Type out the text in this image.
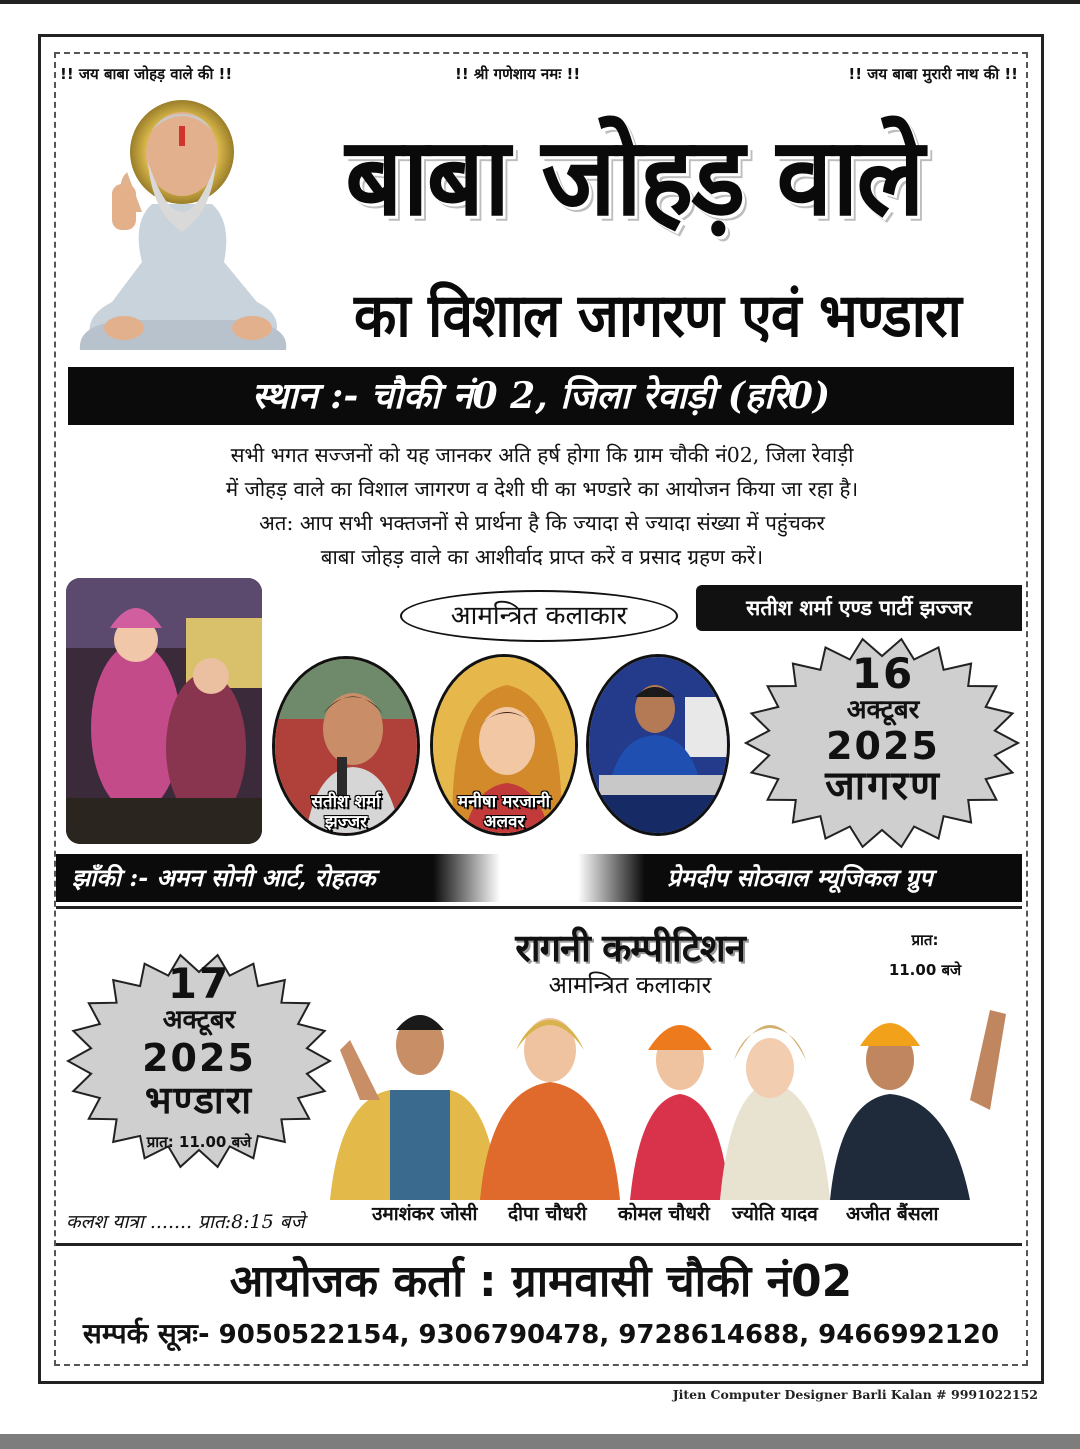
!! जय बाबा जोहड़ वाले की !!	!! श्री गणेशाय नमः !!	!! जय बाबा मुरारी नाथ की !!
बाबा जोहड़ वाले
का विशाल जागरण एवं भण्डारा
स्थान :- चौकी नं0 2, जिला रेवाड़ी (हरि0)
सभी भगत सज्जनों को यह जानकर अति हर्ष होगा कि ग्राम चौकी नं02, जिला रेवाड़ी
में जोहड़ वाले का विशाल जागरण व देशी घी का भण्डारे का आयोजन किया जा रहा है।
अत: आप सभी भक्तजनों से प्रार्थना है कि ज्यादा से ज्यादा संख्या में पहुंचकर
बाबा जोहड़ वाले का आशीर्वाद प्राप्त करें व प्रसाद ग्रहण करें।
आमन्त्रित कलाकार	सतीश शर्मा एण्ड पार्टी झज्जर
सतीश शर्मा
झज्जर
मनीषा मरजानी
अलवर
16
अक्टूबर
2025
जागरण
झाँकी :- अमन सोनी आर्ट, रोहतक	प्रेमदीप सोठवाल म्यूजिकल ग्रुप
रागनी कम्पीटिशन
आमन्त्रित कलाकार
प्रात:
11.00 बजे
17
अक्टूबर
2025
भण्डारा
प्रात: 11.00 बजे
कलश यात्रा ....... प्रात:8:15 बजे	उमाशंकर जोसी दीपा चौधरी कोमल चौधरी ज्योति यादव अजीत बैंसला
आयोजक कर्ता : ग्रामवासी चौकी नं02
सम्पर्क सूत्रः- 9050522154, 9306790478, 9728614688, 9466992120
Jiten Computer Designer Barli Kalan # 9991022152
